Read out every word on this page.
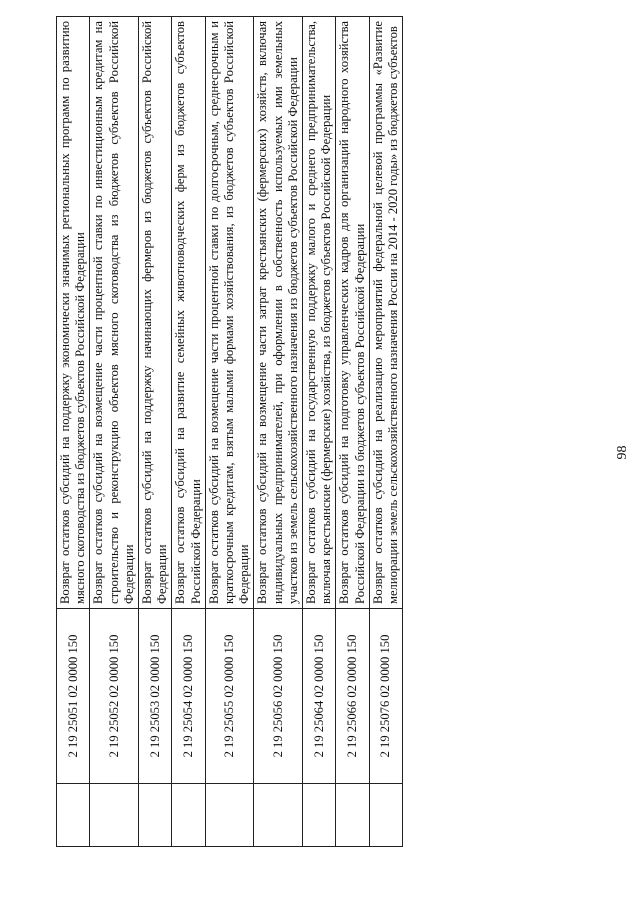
98
	2 19 25051 02 0000 150	Возврат остатков субсидий на поддержку экономически значимых региональных программ по развитию мясного скотоводства из бюджетов субъектов Российской Федерации
	2 19 25052 02 0000 150	Возврат остатков субсидий на возмещение части процентной ставки по инвестиционным кредитам на строительство и реконструкцию объектов мясного скотоводства из бюджетов субъектов Российской Федерации
	2 19 25053 02 0000 150	Возврат остатков субсидий на поддержку начинающих фермеров из бюджетов субъектов Российской Федерации
	2 19 25054 02 0000 150	Возврат остатков субсидий на развитие семейных животноводческих ферм из бюджетов субъектов Российской Федерации
	2 19 25055 02 0000 150	Возврат остатков субсидий на возмещение части процентной ставки по долгосрочным, среднесрочным и краткосрочным кредитам, взятым малыми формами хозяйствования, из бюджетов субъектов Российской Федерации
	2 19 25056 02 0000 150	Возврат остатков субсидий на возмещение части затрат крестьянских (фермерских) хозяйств, включая индивидуальных предпринимателей, при оформлении в собственность используемых ими земельных участков из земель сельскохозяйственного назначения из бюджетов субъектов Российской Федерации
	2 19 25064 02 0000 150	Возврат остатков субсидий на государственную поддержку малого и среднего предпринимательства, включая крестьянские (фермерские) хозяйства, из бюджетов субъектов Российской Федерации
	2 19 25066 02 0000 150	Возврат остатков субсидий на подготовку управленческих кадров для организаций народного хозяйства Российской Федерации из бюджетов субъектов Российской Федерации
	2 19 25076 02 0000 150	Возврат остатков субсидий на реализацию мероприятий федеральной целевой программы «Развитие мелиорации земель сельскохозяйственного назначения России на 2014 - 2020 годы» из бюджетов субъектов
